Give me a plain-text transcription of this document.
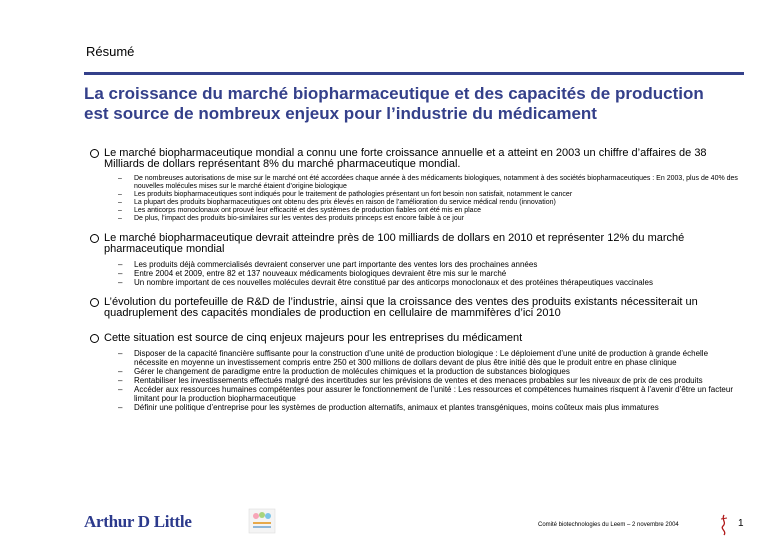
Résumé
La croissance du marché biopharmaceutique et des capacités de production
est source de nombreux enjeux pour l’industrie du médicament
Le marché biopharmaceutique mondial a connu une forte croissance annuelle et a atteint en 2003 un chiffre d’affaires de 38 Milliards de dollars représentant 8% du marché pharmaceutique mondial.
– De nombreuses autorisations de mise sur le marché ont été accordées chaque année à des médicaments biologiques, notamment à des sociétés biopharmaceutiques : En 2003, plus de 40% des nouvelles molécules mises sur le marché étaient d’origine biologique
– Les produits biopharmaceutiques sont indiqués pour le traitement de pathologies présentant un fort besoin non satisfait, notamment le cancer
– La plupart des produits biopharmaceutiques ont obtenu des prix élevés en raison de l’amélioration du service médical rendu (innovation)
– Les anticorps monoclonaux ont prouvé leur efficacité et des systèmes de production fiables ont été mis en place
– De plus, l’impact des produits bio-similaires sur les ventes des produits princeps est encore faible à ce jour
Le marché biopharmaceutique devrait atteindre près de 100 milliards de dollars en 2010 et représenter 12% du marché pharmaceutique mondial
– Les produits déjà commercialisés devraient conserver une part importante des ventes lors des prochaines années
– Entre 2004 et 2009, entre 82 et 137 nouveaux médicaments biologiques devraient être mis sur le marché
– Un nombre important de ces nouvelles molécules devrait être constitué par des anticorps monoclonaux et des protéines thérapeutiques vaccinales
L’évolution du portefeuille de R&D de l’industrie, ainsi que la croissance des ventes des produits existants nécessiterait un quadruplement des capacités mondiales de production en cellulaire de mammifères d’ici 2010
Cette situation est source de cinq enjeux majeurs pour les entreprises du médicament
– Disposer de la capacité financière suffisante pour la construction d’une unité de production biologique : Le déploiement d’une unité de production à grande échelle nécessite en moyenne un investissement compris entre 250 et 300 millions de dollars devant de plus être initié dès que le produit entre en phase clinique
– Gérer le changement de paradigme entre la production de molécules chimiques et la production de substances biologiques
– Rentabiliser les investissements effectués malgré des incertitudes sur les prévisions de ventes et des menaces probables sur les niveaux de prix de ces produits
– Accéder aux ressources humaines compétentes pour assurer le fonctionnement de l’unité : Les ressources et compétences humaines risquent à l’avenir d’être un facteur limitant pour la production biopharmaceutique
– Définir une politique d’entreprise pour les systèmes de production alternatifs, animaux et plantes transgéniques, moins coûteux mais plus immatures
Arthur D Little	Comité biotechnologies du Leem – 2 novembre 2004	1
